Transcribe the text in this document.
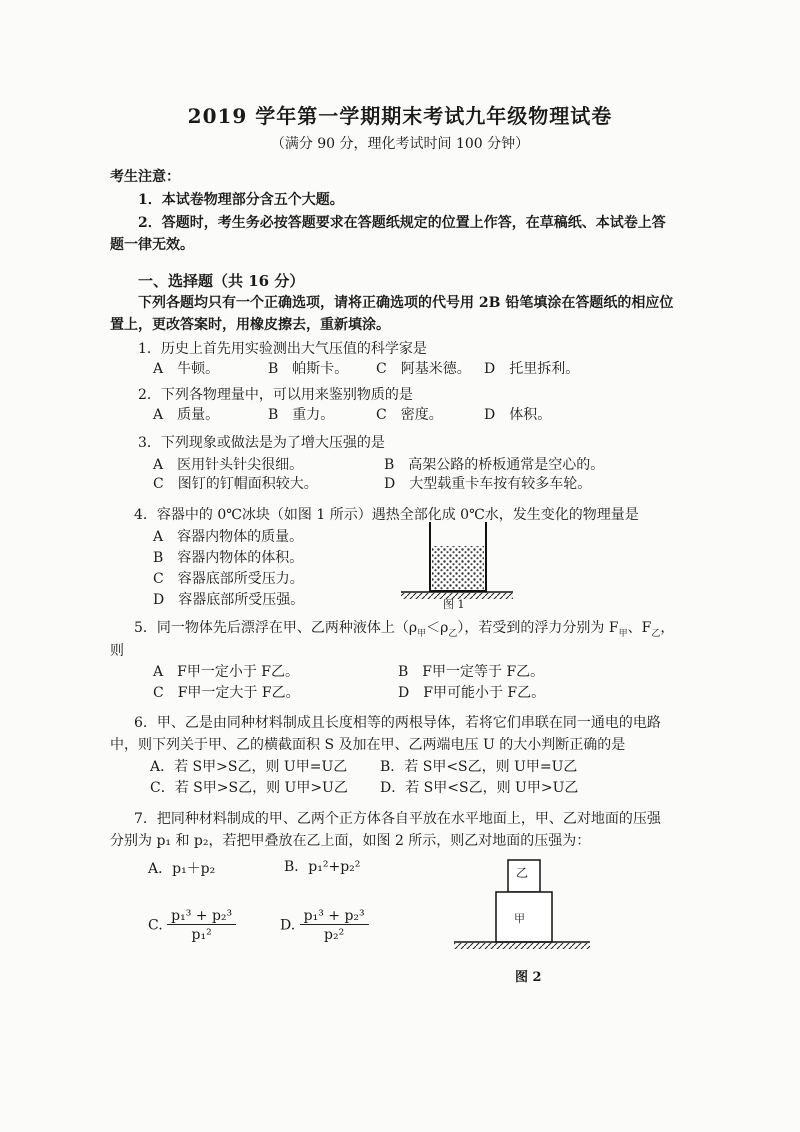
2019 学年第一学期期末考试九年级物理试卷
（满分 90 分，理化考试时间 100 分钟）
考生注意：
1．本试卷物理部分含五个大题。
2．答题时，考生务必按答题要求在答题纸规定的位置上作答，在草稿纸、本试卷上答
题一律无效。
一、选择题（共 16 分）
下列各题均只有一个正确选项，请将正确选项的代号用 2B 铅笔填涂在答题纸的相应位
置上，更改答案时，用橡皮擦去，重新填涂。
1．历史上首先用实验测出大气压值的科学家是
A　牛顿。	B　帕斯卡。 C　阿基米德。 D　托里拆利。
2．下列各物理量中，可以用来鉴别物质的是
A　质量。	B　重力。	C　密度。	D　体积。
3．下列现象或做法是为了增大压强的是
A　医用针头针尖很细。	B　高架公路的桥板通常是空心的。
C　图钉的钉帽面积较大。	D　大型载重卡车按有较多车轮。
4．容器中的 0℃冰块（如图 1 所示）遇热全部化成 0℃水，发生变化的物理量是
A　容器内物体的质量。
B　容器内物体的体积。
C　容器底部所受压力。
D　容器底部所受压强。	图 1
5．同一物体先后漂浮在甲、乙两种液体上$(\rho_甲<\rho_乙)$，若受到的浮力分别为 $F_甲$、$F_乙$，
则
A　F甲一定小于 F乙。	B　F甲一定等于 F乙。
C　F甲一定大于 F乙。	D　F甲可能小于 F乙。
6．甲、乙是由同种材料制成且长度相等的两根导体，若将它们串联在同一通电的电路
中，则下列关于甲、乙的横截面积 S 及加在甲、乙两端电压 U 的大小判断正确的是
A．若 S甲>S乙，则 U甲=U乙 B．若 S甲<S乙，则 U甲=U乙
C．若 S甲>S乙，则 U甲>U乙 D．若 S甲<S乙，则 U甲>U乙
7．把同种材料制成的甲、乙两个正方体各自平放在水平地面上，甲、乙对地面的压强
分别为 p₁ 和 p₂，若把甲叠放在乙上面，如图 2 所示，则乙对地面的压强为：
A．p₁＋p₂	B．p₁²+p₂²
C. $\frac{\text{p₁³ + p₂³}}{\text{p₁²}}$	D. $\frac{\text{p₁³ + p₂³}}{\text{p₂²}}$
乙
甲
图 2
